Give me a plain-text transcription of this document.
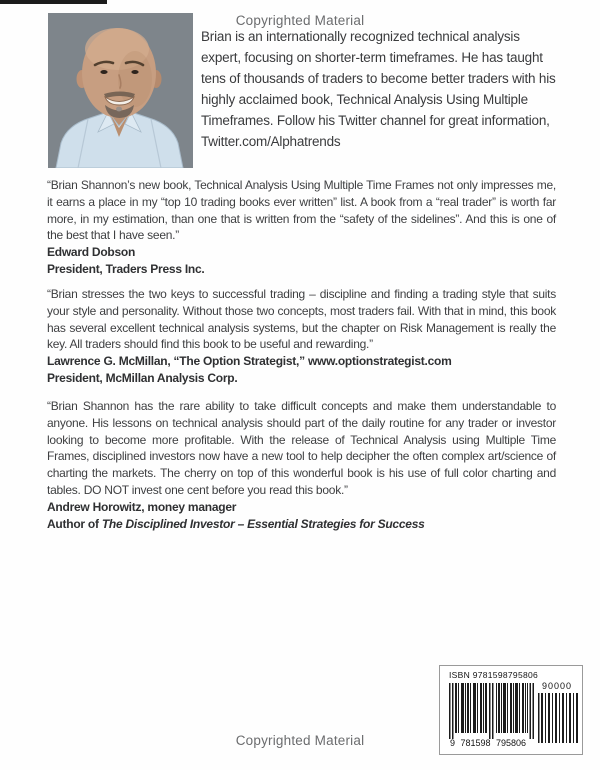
Copyrighted Material
Brian is an internationally recognized technical analysis expert, focusing on shorter-term timeframes. He has taught tens of thousands of traders to become better traders with his highly acclaimed book, Technical Analysis Using Multiple Timeframes. Follow his Twitter channel for great information, Twitter.com/Alphatrends

“Brian Shannon’s new book, Technical Analysis Using Multiple Time Frames not only impresses me, it earns a place in my “top 10 trading books ever written” list. A book from a “real trader” is worth far more, in my estimation, than one that is written from the “safety of the sidelines”. And this is one of the best that I have seen.”

Edward Dobson

President, Traders Press Inc.

“Brian stresses the two keys to successful trading – discipline and finding a trading style that suits your style and personality. Without those two concepts, most traders fail. With that in mind, this book has several excellent technical analysis systems, but the chapter on Risk Management is really the key. All traders should find this book to be useful and rewarding.”

Lawrence G. McMillan, “The Option Strategist,” www.optionstrategist.com

President, McMillan Analysis Corp.

“Brian Shannon has the rare ability to take difficult concepts and make them understandable to anyone. His lessons on technical analysis should part of the daily routine for any trader or investor looking to become more profitable. With the release of Technical Analysis using Multiple Time Frames, disciplined investors now have a new tool to help decipher the often complex art/science of charting the markets. The cherry on top of this wonderful book is his use of full color charting and tables. DO NOT invest one cent before you read this book.”

Andrew Horowitz, money manager

Author of The Disciplined Investor – Essential Strategies for Success

ISBN 9781598795806
9 781598 795806
90000
Copyrighted Material
